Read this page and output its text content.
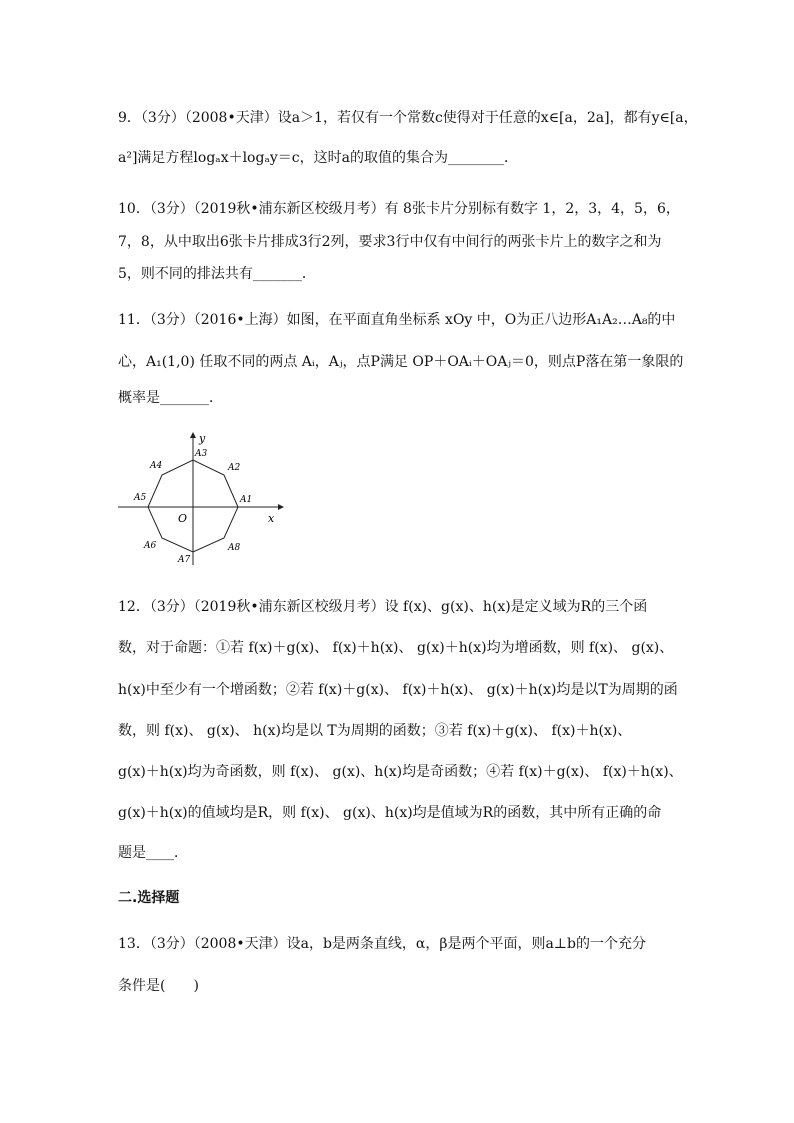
9．（3分）（2008•天津）设a＞1，若仅有一个常数c使得对于任意的x∈[a，2a]，都有y∈[a，
a²]满足方程logₐx＋logₐy＝c，这时a的取值的集合为________．
10．（3分）（2019秋•浦东新区校级月考）有 8张卡片分别标有数字 1，2，3，4，5，6，
7，8，从中取出6张卡片排成3行2列，要求3行中仅有中间行的两张卡片上的数字之和为
5，则不同的排法共有_______．
11．（3分）（2016•上海）如图，在平面直角坐标系 xOy 中，O为正八边形A₁A₂…A₈的中
心，A₁(1,0) 任取不同的两点 Aᵢ，Aⱼ，点P满足 OP＋OAᵢ＋OAⱼ＝0，则点P落在第一象限的
概率是_______．
y
x
O
A1
A2
A3
A4
A5
A6
A7
A8
12．（3分）（2019秋•浦东新区校级月考）设 f(x)、g(x)、h(x)是定义域为R的三个函
数，对于命题：①若 f(x)＋g(x)、 f(x)＋h(x)、 g(x)＋h(x)均为增函数，则 f(x)、 g(x)、
h(x)中至少有一个增函数；②若 f(x)＋g(x)、 f(x)＋h(x)、 g(x)＋h(x)均是以T为周期的函
数，则 f(x)、 g(x)、 h(x)均是以 T为周期的函数；③若 f(x)＋g(x)、 f(x)＋h(x)、
g(x)＋h(x)均为奇函数，则 f(x)、 g(x)、h(x)均是奇函数；④若 f(x)＋g(x)、 f(x)＋h(x)、
g(x)＋h(x)的值域均是R，则 f(x)、 g(x)、h(x)均是值域为R的函数，其中所有正确的命
题是____．
二.选择题
13．（3分）（2008•天津）设a，b是两条直线，α，β是两个平面，则a⊥b的一个充分
条件是(　　)
